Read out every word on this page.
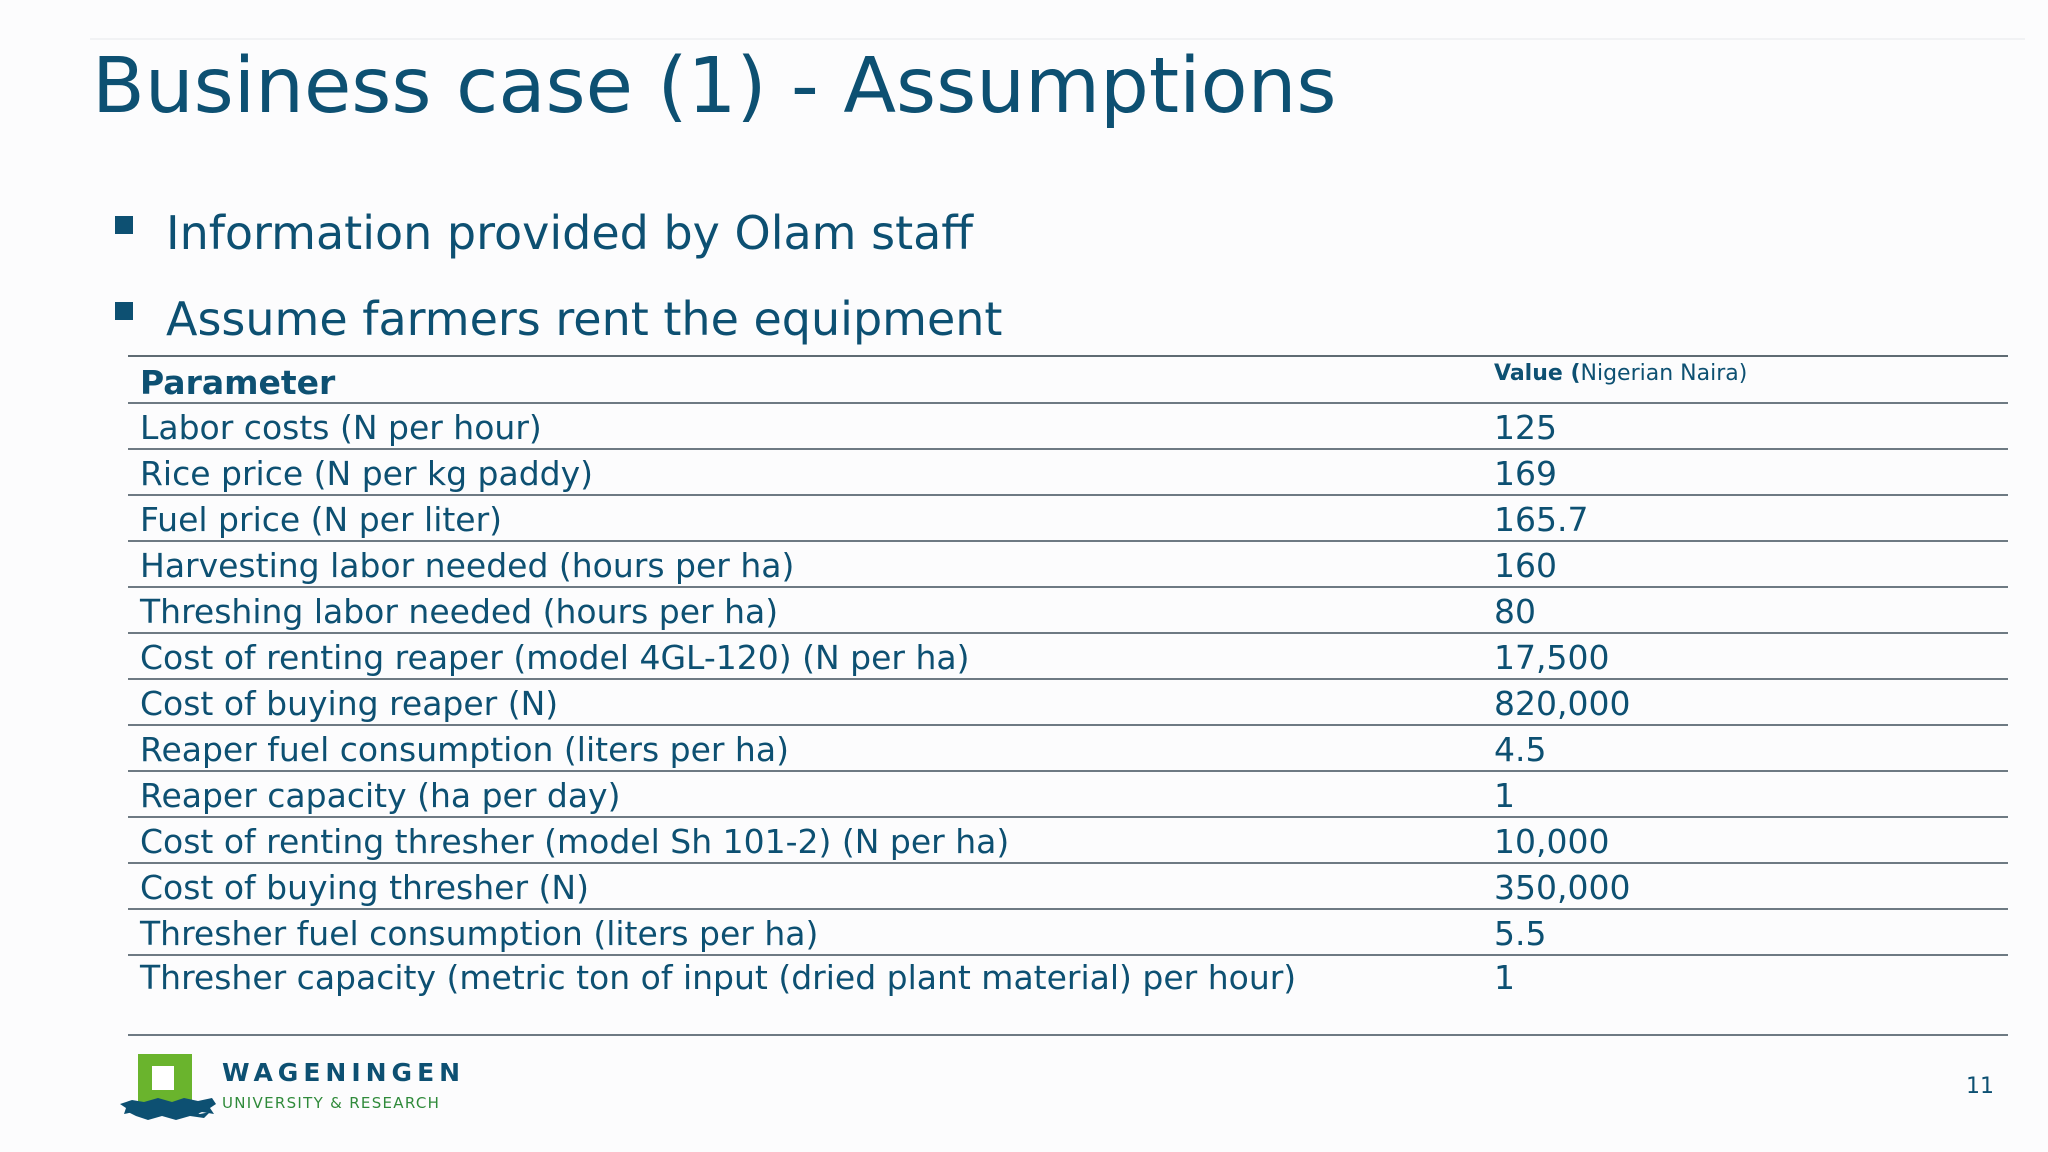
Business case (1) - Assumptions
Information provided by Olam staff
Assume farmers rent the equipment
Parameter	Value (Nigerian Naira)
Labor costs (N per hour)	125
Rice price (N per kg paddy)	169
Fuel price (N per liter)	165.7
Harvesting labor needed (hours per ha)	160
Threshing labor needed (hours per ha)	80
Cost of renting reaper (model 4GL-120) (N per ha)	17,500
Cost of buying reaper (N)	820,000
Reaper fuel consumption (liters per ha)	4.5
Reaper capacity (ha per day)	1
Cost of renting thresher (model Sh 101-2) (N per ha)	10,000
Cost of buying thresher (N)	350,000
Thresher fuel consumption (liters per ha)	5.5
Thresher capacity (metric ton of input (dried plant material) per hour)	1
WAGENINGEN
UNIVERSITY & RESEARCH
11
